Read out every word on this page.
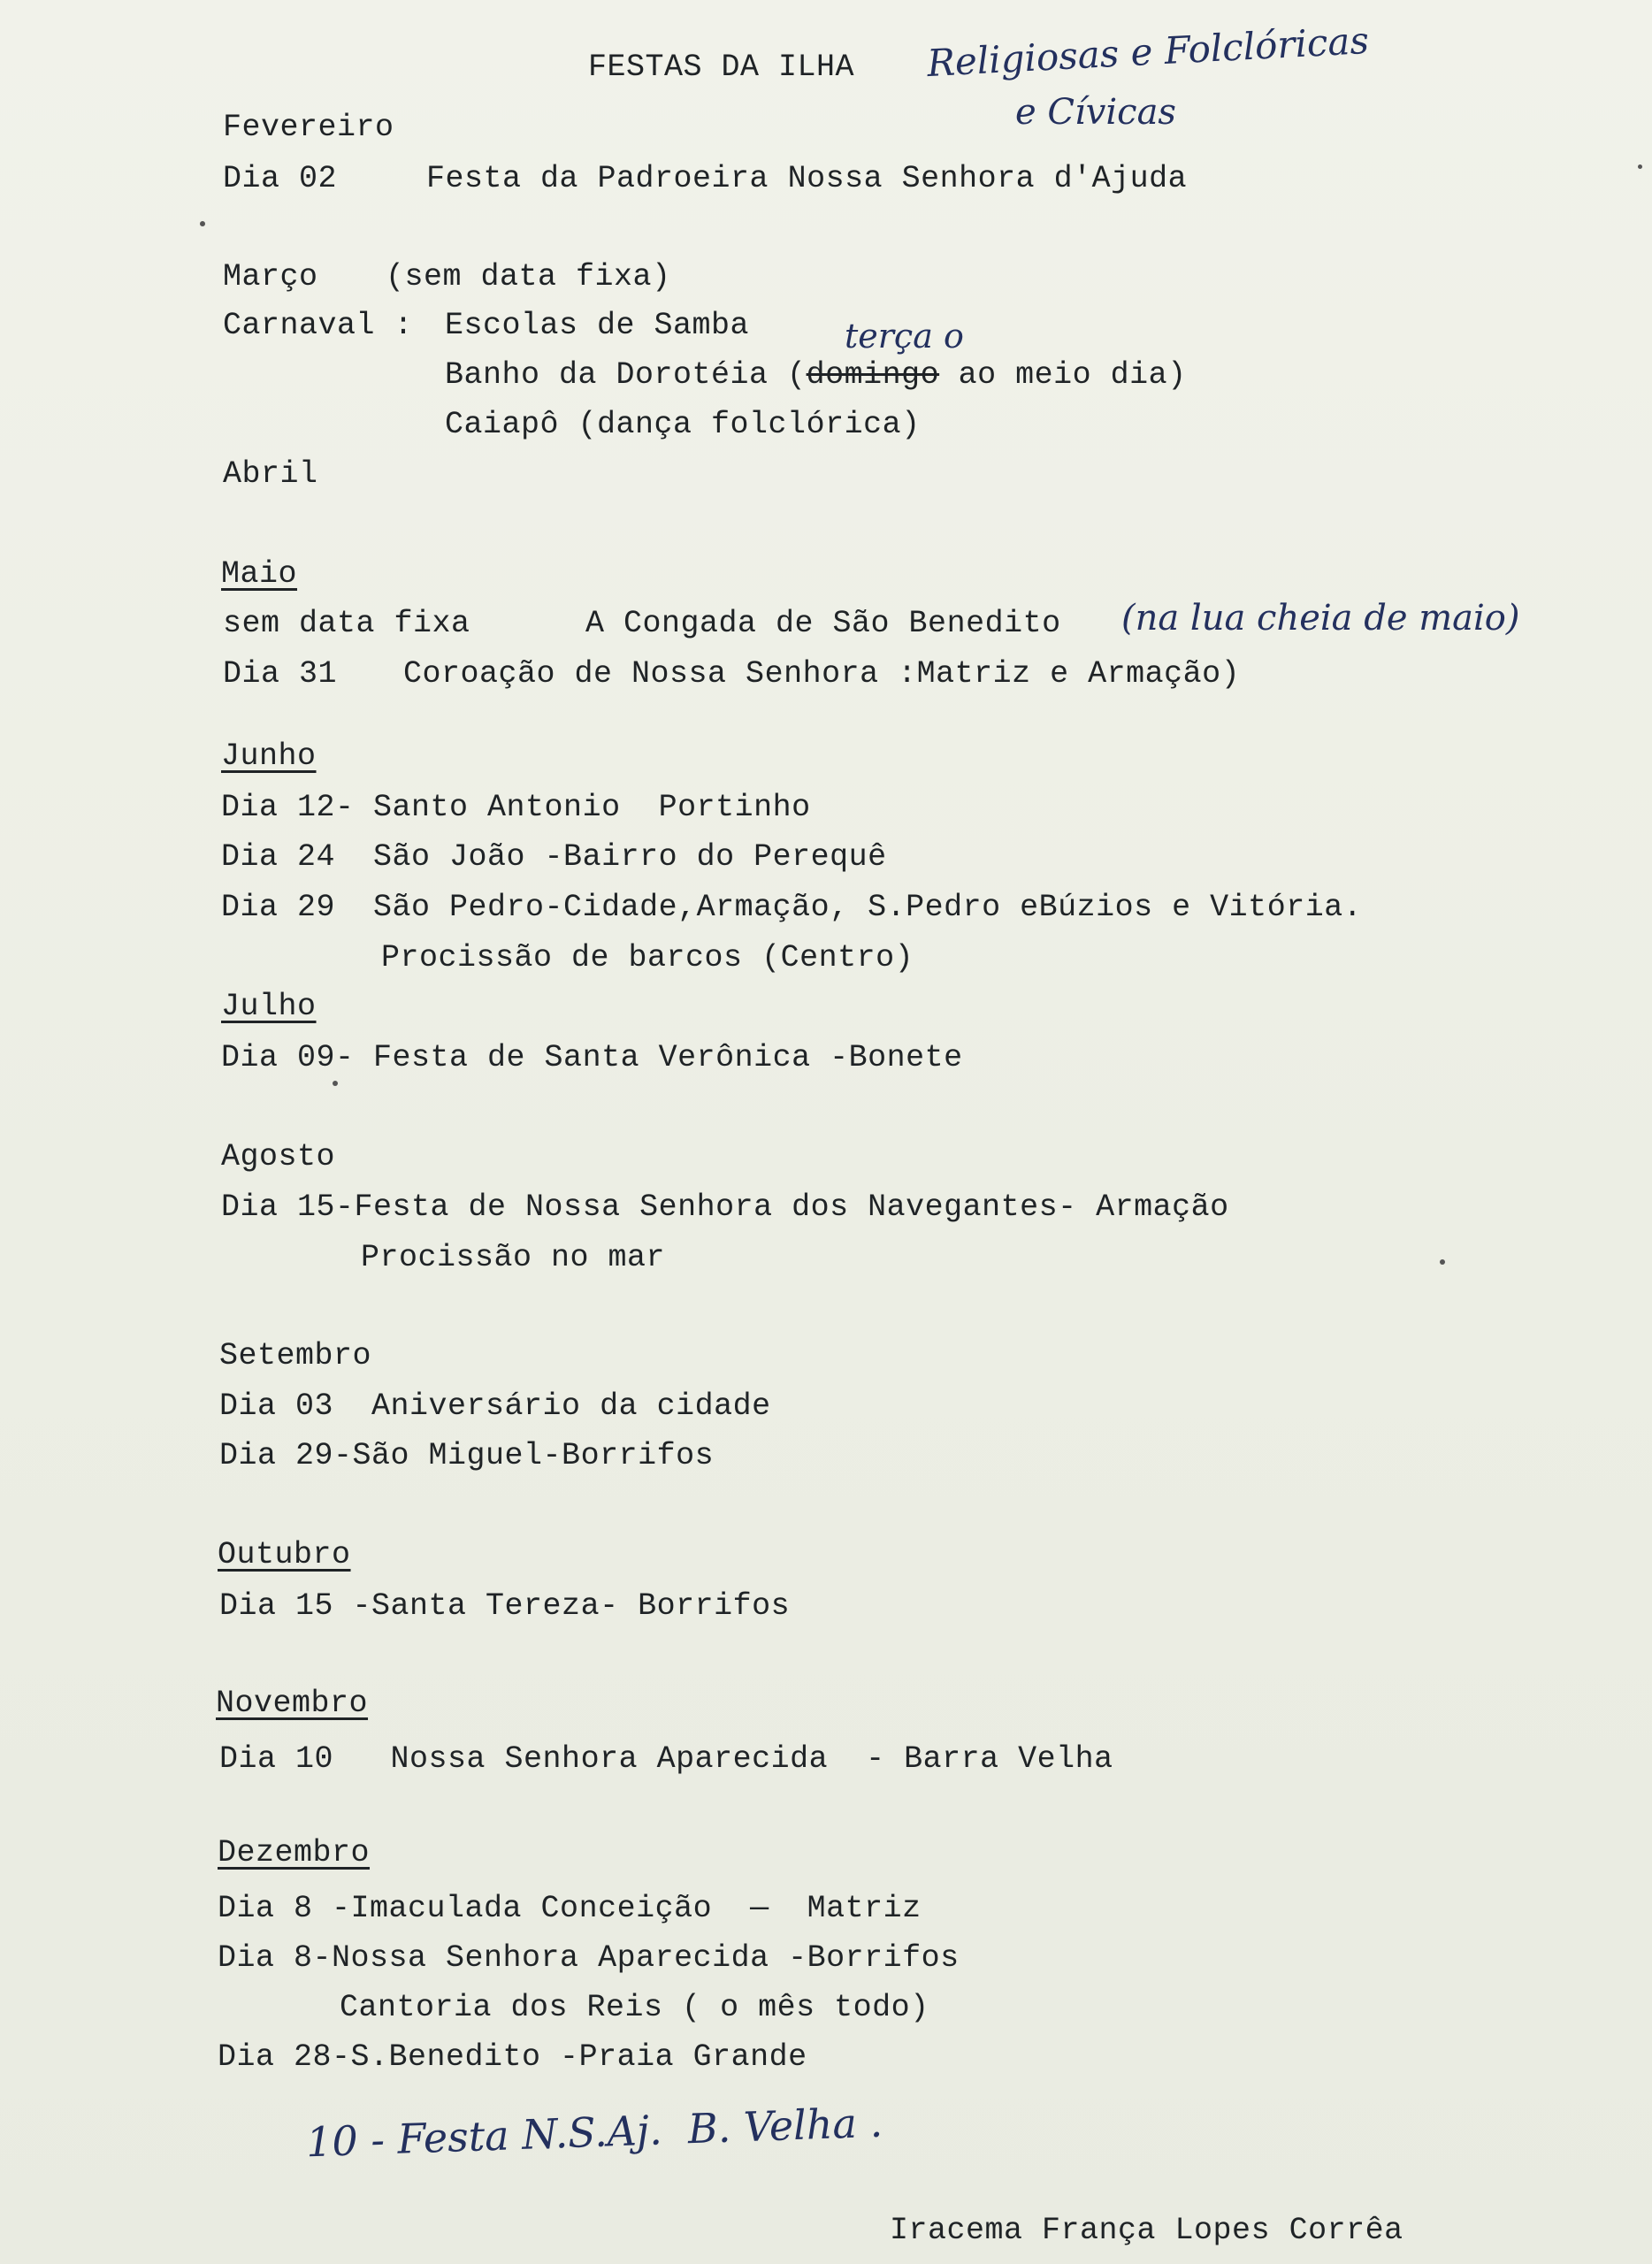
FESTAS DA ILHA Religiosas e Folclóricas
e Cívicas
Fevereiro
Dia 02	Festa da Padroeira Nossa Senhora d'Ajuda
Março (sem data fixa)
Carnaval : Escolas de Samba	terça o
Banho da Dorotéia (domingo ao meio dia)
Caiapô (dança folclórica)
Abril
Maio
sem data fixa	A Congada de São Benedito (na lua cheia de maio)
Dia 31 Coroação de Nossa Senhora :Matriz e Armação)
Junho
Dia 12- Santo Antonio  Portinho
Dia 24  São João -Bairro do Perequê
Dia 29  São Pedro-Cidade,Armação, S.Pedro eBúzios e Vitória.
Procissão de barcos (Centro)
Julho
Dia 09- Festa de Santa Verônica -Bonete
Agosto
Dia 15-Festa de Nossa Senhora dos Navegantes- Armação
Procissão no mar
Setembro
Dia 03  Aniversário da cidade
Dia 29-São Miguel-Borrifos
Outubro
Dia 15 -Santa Tereza- Borrifos
Novembro
Dia 10   Nossa Senhora Aparecida  - Barra Velha
Dezembro
Dia 8 -Imaculada Conceição  —  Matriz
Dia 8-Nossa Senhora Aparecida -Borrifos
Cantoria dos Reis ( o mês todo)
Dia 28-S.Benedito -Praia Grande
10 - Festa N.S.Aj.  B. Velha .
Iracema França Lopes Corrêa
